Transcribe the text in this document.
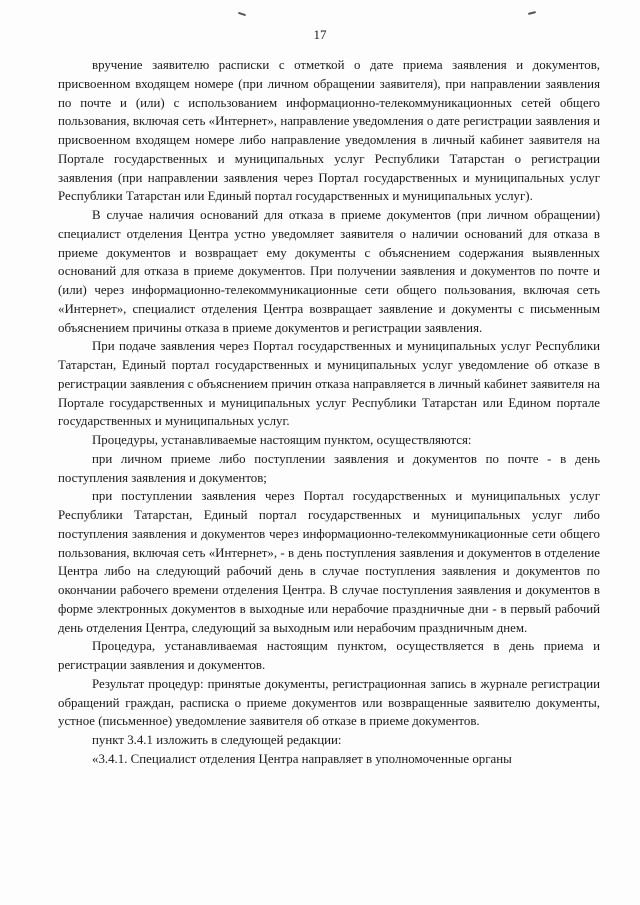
17

вручение заявителю расписки с отметкой о дате приема заявления и документов, присвоенном входящем номере (при личном обращении заявителя), при направлении заявления по почте и (или) с использованием информационно-телекоммуникационных сетей общего пользования, включая сеть «Интернет», направление уведомления о дате регистрации заявления и присвоенном входящем номере либо направление уведомления в личный кабинет заявителя на Портале государственных и муниципальных услуг Республики Татарстан о регистрации заявления (при направлении заявления через Портал государственных и муниципальных услуг Республики Татарстан или Единый портал государственных и муниципальных услуг).

В случае наличия оснований для отказа в приеме документов (при личном обращении) специалист отделения Центра устно уведомляет заявителя о наличии оснований для отказа в приеме документов и возвращает ему документы с объяснением содержания выявленных оснований для отказа в приеме документов. При получении заявления и документов по почте и (или) через информационно-телекоммуникационные сети общего пользования, включая сеть «Интернет», специалист отделения Центра возвращает заявление и документы с письменным объяснением причины отказа в приеме документов и регистрации заявления.

При подаче заявления через Портал государственных и муниципальных услуг Республики Татарстан, Единый портал государственных и муниципальных услуг уведомление об отказе в регистрации заявления с объяснением причин отказа направляется в личный кабинет заявителя на Портале государственных и муниципальных услуг Республики Татарстан или Едином портале государственных и муниципальных услуг.

Процедуры, устанавливаемые настоящим пунктом, осуществляются:

при личном приеме либо поступлении заявления и документов по почте - в день поступления заявления и документов;

при поступлении заявления через Портал государственных и муниципальных услуг Республики Татарстан, Единый портал государственных и муниципальных услуг либо поступления заявления и документов через информационно-телекоммуникационные сети общего пользования, включая сеть «Интернет», - в день поступления заявления и документов в отделение Центра либо на следующий рабочий день в случае поступления заявления и документов по окончании рабочего времени отделения Центра. В случае поступления заявления и документов в форме электронных документов в выходные или нерабочие праздничные дни - в первый рабочий день отделения Центра, следующий за выходным или нерабочим праздничным днем.

Процедура, устанавливаемая настоящим пунктом, осуществляется в день приема и регистрации заявления и документов.

Результат процедур: принятые документы, регистрационная запись в журнале регистрации обращений граждан, расписка о приеме документов или возвращенные заявителю документы, устное (письменное) уведомление заявителя об отказе в приеме документов.

пункт 3.4.1 изложить в следующей редакции:

«3.4.1. Специалист отделения Центра направляет в уполномоченные органы
